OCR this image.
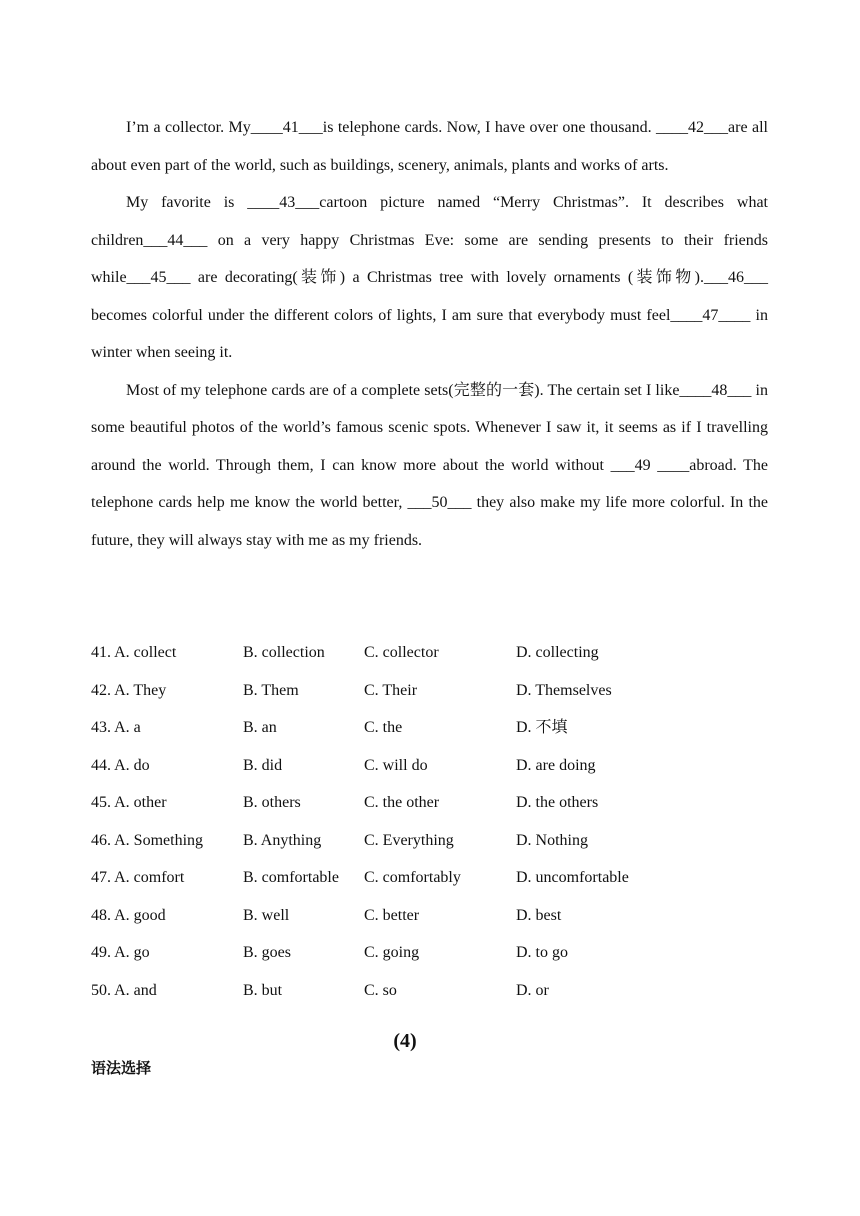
I’m a collector. My____41___is telephone cards. Now, I have over one thousand. ____42___are all about even part of the world, such as buildings, scenery, animals, plants and works of arts.

My favorite is ____43___cartoon picture named “Merry Christmas”. It describes what children___44___ on a very happy Christmas Eve: some are sending presents to their friends while___45___ are decorating(装饰) a Christmas tree with lovely ornaments (装饰物).___46___ becomes colorful under the different colors of lights, I am sure that everybody must feel____47____ in winter when seeing it.

Most of my telephone cards are of a complete sets(完整的一套). The certain set I like____48___ in some beautiful photos of the world’s famous scenic spots. Whenever I saw it, it seems as if I travelling around the world. Through them, I can know more about the world without ___49 ____abroad. The telephone cards help me know the world better, ___50___ they also make my life more colorful. In the future, they will always stay with me as my friends.

41. A. collect	B. collection C. collector	D. collecting
42. A. They	B. Them	C. Their	D. Themselves
43. A. a	B. an	C. the	D. 不填
44. A. do	B. did	C. will do	D. are doing
45. A. other	B. others	C. the other	D. the others
46. A. Something B. Anything	C. Everything	D. Nothing
47. A. comfort	B. comfortable C. comfortably	D. uncomfortable
48. A. good	B. well	C. better	D. best
49. A. go	B. goes	C. going	D. to go
50. A. and	B. but	C. so	D. or
(4)
语法选择
